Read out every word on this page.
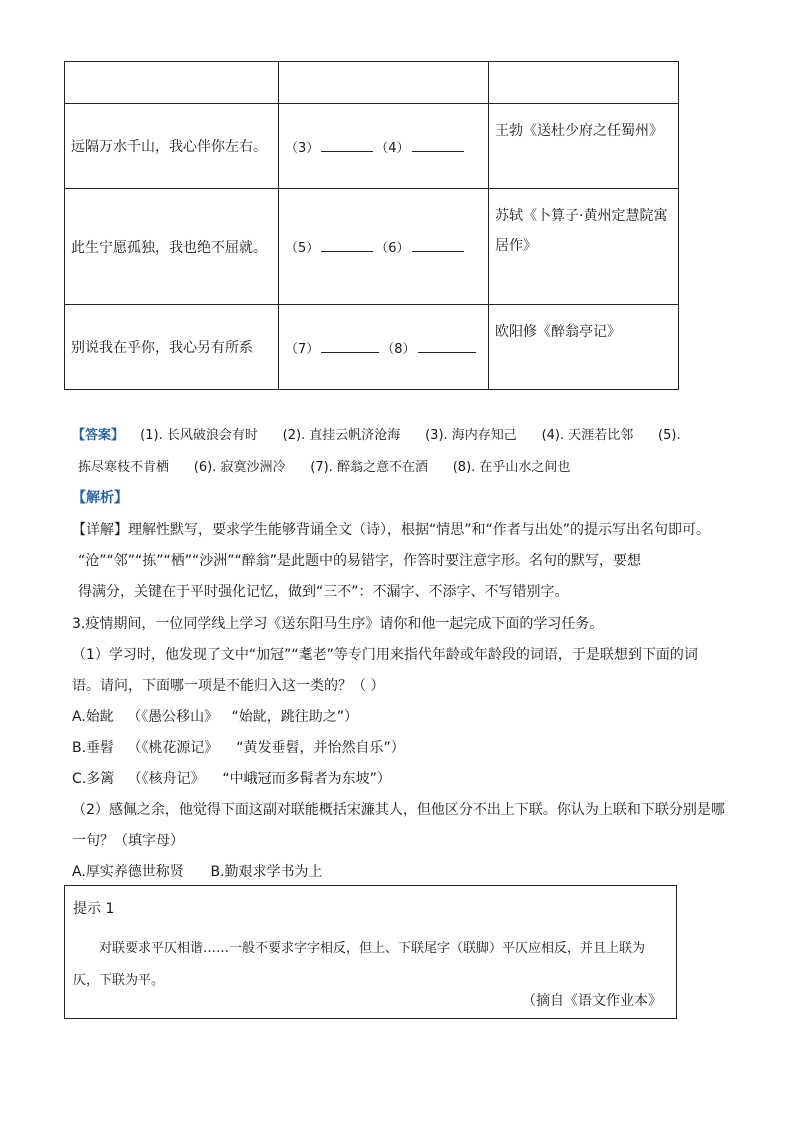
远隔万水千山，我心伴你左右。	（3） （4）	王勃《送杜少府之任蜀州》
此生宁愿孤独，我也绝不屈就。	（5） （6）	苏轼《卜算子·黄州定慧院寓居作》
别说我在乎你，我心另有所系	（7） （8）	欧阳修《醉翁亭记》
【答案】 (1). 长风破浪会有时      (2). 直挂云帆济沧海      (3). 海内存知己      (4). 天涯若比邻      (5).
拣尽寒枝不肯栖      (6). 寂寞沙洲冷      (7). 醉翁之意不在酒      (8). 在乎山水之间也
【解析】
【详解】理解性默写，要求学生能够背诵全文（诗），根据“情思”和“作者与出处”的提示写出名句即可。
“沧”“邻”“拣”“栖”“沙洲”“醉翁”是此题中的易错字，作答时要注意字形。名句的默写，要想
得满分，关键在于平时强化记忆，做到“三不”：不漏字、不添字、不写错别字。
3.疫情期间，一位同学线上学习《送东阳马生序》请你和他一起完成下面的学习任务。
（1）学习时，他发现了文中“加冠”“耄老”等专门用来指代年龄或年龄段的词语，于是联想到下面的词
语。请问，下面哪一项是不能归入这一类的？（ ）
A.始龀   （《愚公移山》   “始龀，跳往助之”）
B.垂髫   （《桃花源记》    “黄发垂髫，并怡然自乐”）
C.多篱   （《核舟记》    “中峨冠而多髯者为东坡”）
（2）感佩之余，他觉得下面这副对联能概括宋濂其人，但他区分不出上下联。你认为上联和下联分别是哪
一句？（填字母）
A.厚实养德世称贤      B.勤艰求学书为上
提示 1
对联要求平仄相谐……一般不要求字字相反，但上、下联尾字（联脚）平仄应相反，并且上联为仄，下联为平。
（摘自《语文作业本》
